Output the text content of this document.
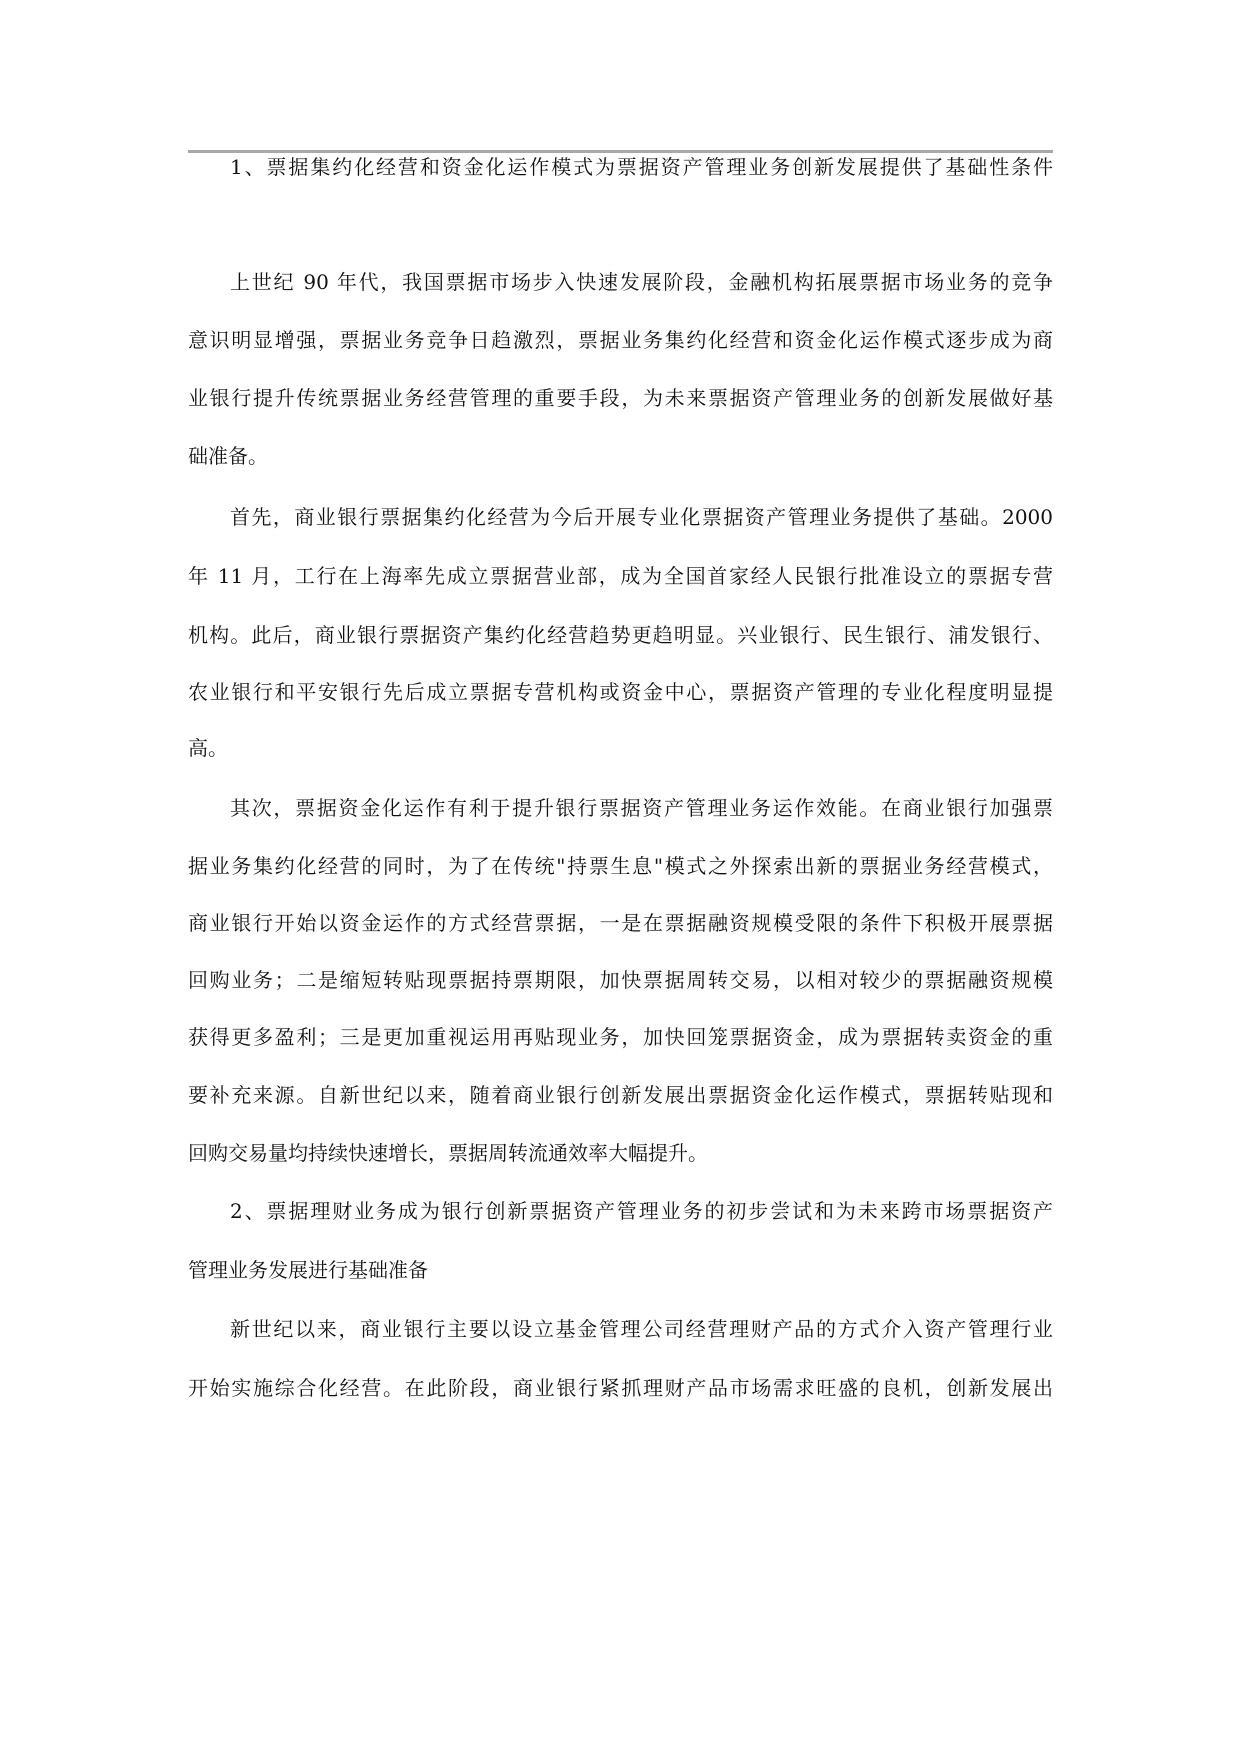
1、票据集约化经营和资金化运作模式为票据资产管理业务创新发展提供了基础性条件
上世纪 90 年代，我国票据市场步入快速发展阶段，金融机构拓展票据市场业务的竞争
意识明显增强，票据业务竞争日趋激烈，票据业务集约化经营和资金化运作模式逐步成为商
业银行提升传统票据业务经营管理的重要手段，为未来票据资产管理业务的创新发展做好基
础准备。
首先，商业银行票据集约化经营为今后开展专业化票据资产管理业务提供了基础。2000
年 11 月，工行在上海率先成立票据营业部，成为全国首家经人民银行批准设立的票据专营
机构。此后，商业银行票据资产集约化经营趋势更趋明显。兴业银行、民生银行、浦发银行、
农业银行和平安银行先后成立票据专营机构或资金中心，票据资产管理的专业化程度明显提
高。
其次，票据资金化运作有利于提升银行票据资产管理业务运作效能。在商业银行加强票
据业务集约化经营的同时，为了在传统"持票生息"模式之外探索出新的票据业务经营模式，
商业银行开始以资金运作的方式经营票据，一是在票据融资规模受限的条件下积极开展票据
回购业务；二是缩短转贴现票据持票期限，加快票据周转交易，以相对较少的票据融资规模
获得更多盈利；三是更加重视运用再贴现业务，加快回笼票据资金，成为票据转卖资金的重
要补充来源。自新世纪以来，随着商业银行创新发展出票据资金化运作模式，票据转贴现和
回购交易量均持续快速增长，票据周转流通效率大幅提升。
2、票据理财业务成为银行创新票据资产管理业务的初步尝试和为未来跨市场票据资产
管理业务发展进行基础准备
新世纪以来，商业银行主要以设立基金管理公司经营理财产品的方式介入资产管理行业
开始实施综合化经营。在此阶段，商业银行紧抓理财产品市场需求旺盛的良机，创新发展出
